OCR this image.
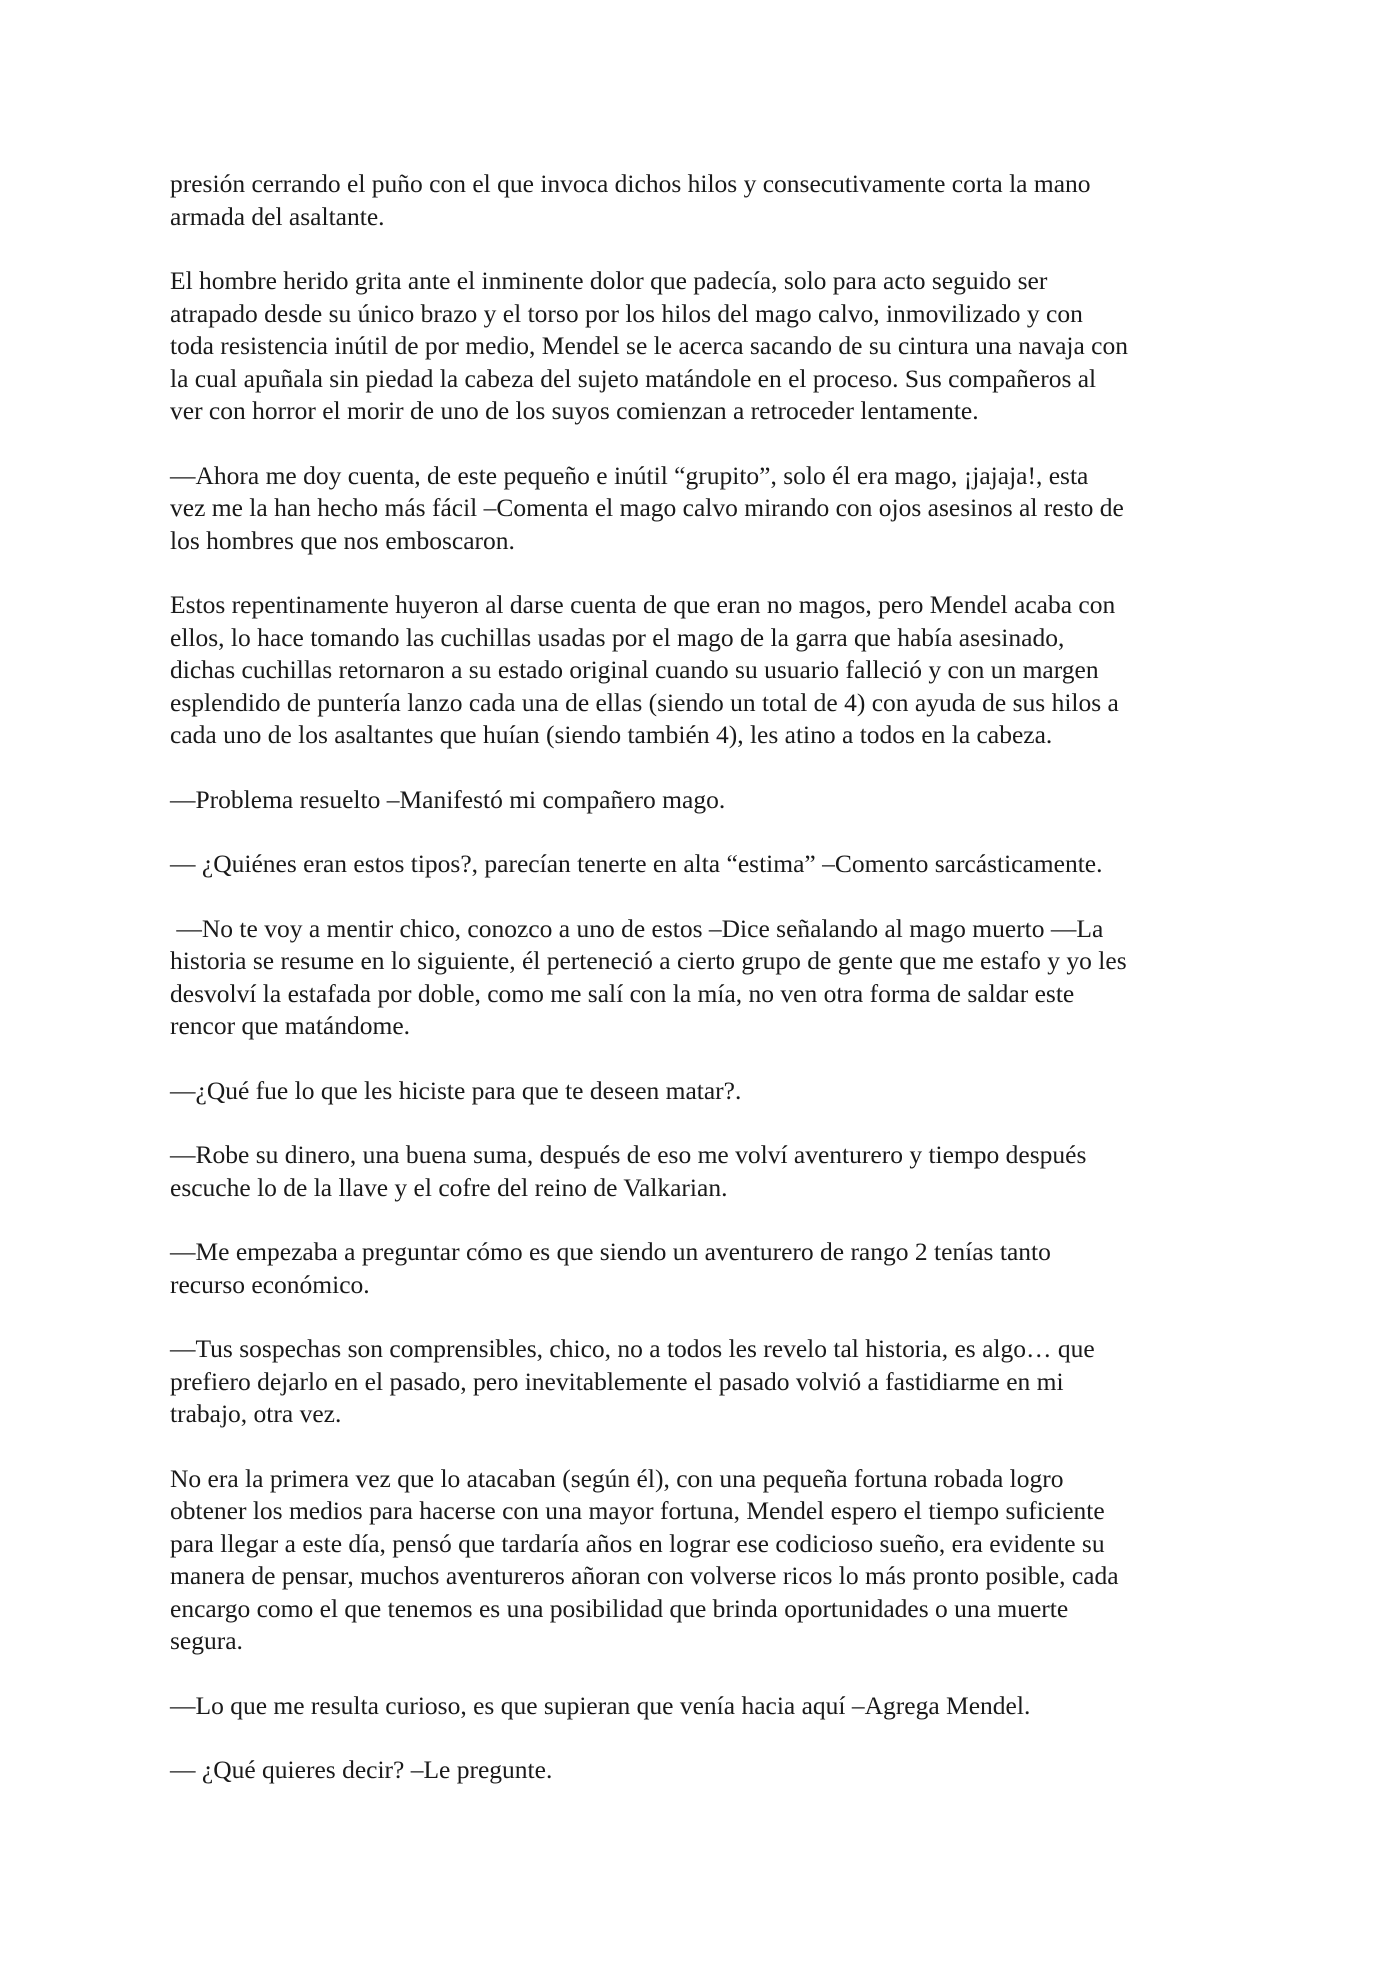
presión cerrando el puño con el que invoca dichos hilos y consecutivamente corta la mano
armada del asaltante.

El hombre herido grita ante el inminente dolor que padecía, solo para acto seguido ser
atrapado desde su único brazo y el torso por los hilos del mago calvo, inmovilizado y con
toda resistencia inútil de por medio, Mendel se le acerca sacando de su cintura una navaja con
la cual apuñala sin piedad la cabeza del sujeto matándole en el proceso. Sus compañeros al
ver con horror el morir de uno de los suyos comienzan a retroceder lentamente.

—Ahora me doy cuenta, de este pequeño e inútil “grupito”, solo él era mago, ¡jajaja!, esta
vez me la han hecho más fácil –Comenta el mago calvo mirando con ojos asesinos al resto de
los hombres que nos emboscaron.

Estos repentinamente huyeron al darse cuenta de que eran no magos, pero Mendel acaba con
ellos, lo hace tomando las cuchillas usadas por el mago de la garra que había asesinado,
dichas cuchillas retornaron a su estado original cuando su usuario falleció y con un margen
esplendido de puntería lanzo cada una de ellas (siendo un total de 4) con ayuda de sus hilos a
cada uno de los asaltantes que huían (siendo también 4), les atino a todos en la cabeza.

—Problema resuelto –Manifestó mi compañero mago.

— ¿Quiénes eran estos tipos?, parecían tenerte en alta “estima” –Comento sarcásticamente.

—No te voy a mentir chico, conozco a uno de estos –Dice señalando al mago muerto —La
historia se resume en lo siguiente, él perteneció a cierto grupo de gente que me estafo y yo les
desvolví la estafada por doble, como me salí con la mía, no ven otra forma de saldar este
rencor que matándome.

—¿Qué fue lo que les hiciste para que te deseen matar?.

—Robe su dinero, una buena suma, después de eso me volví aventurero y tiempo después
escuche lo de la llave y el cofre del reino de Valkarian.

—Me empezaba a preguntar cómo es que siendo un aventurero de rango 2 tenías tanto
recurso económico.

—Tus sospechas son comprensibles, chico, no a todos les revelo tal historia, es algo… que
prefiero dejarlo en el pasado, pero inevitablemente el pasado volvió a fastidiarme en mi
trabajo, otra vez.

No era la primera vez que lo atacaban (según él), con una pequeña fortuna robada logro
obtener los medios para hacerse con una mayor fortuna, Mendel espero el tiempo suficiente
para llegar a este día, pensó que tardaría años en lograr ese codicioso sueño, era evidente su
manera de pensar, muchos aventureros añoran con volverse ricos lo más pronto posible, cada
encargo como el que tenemos es una posibilidad que brinda oportunidades o una muerte
segura.

—Lo que me resulta curioso, es que supieran que venía hacia aquí –Agrega Mendel.

— ¿Qué quieres decir? –Le pregunte.
